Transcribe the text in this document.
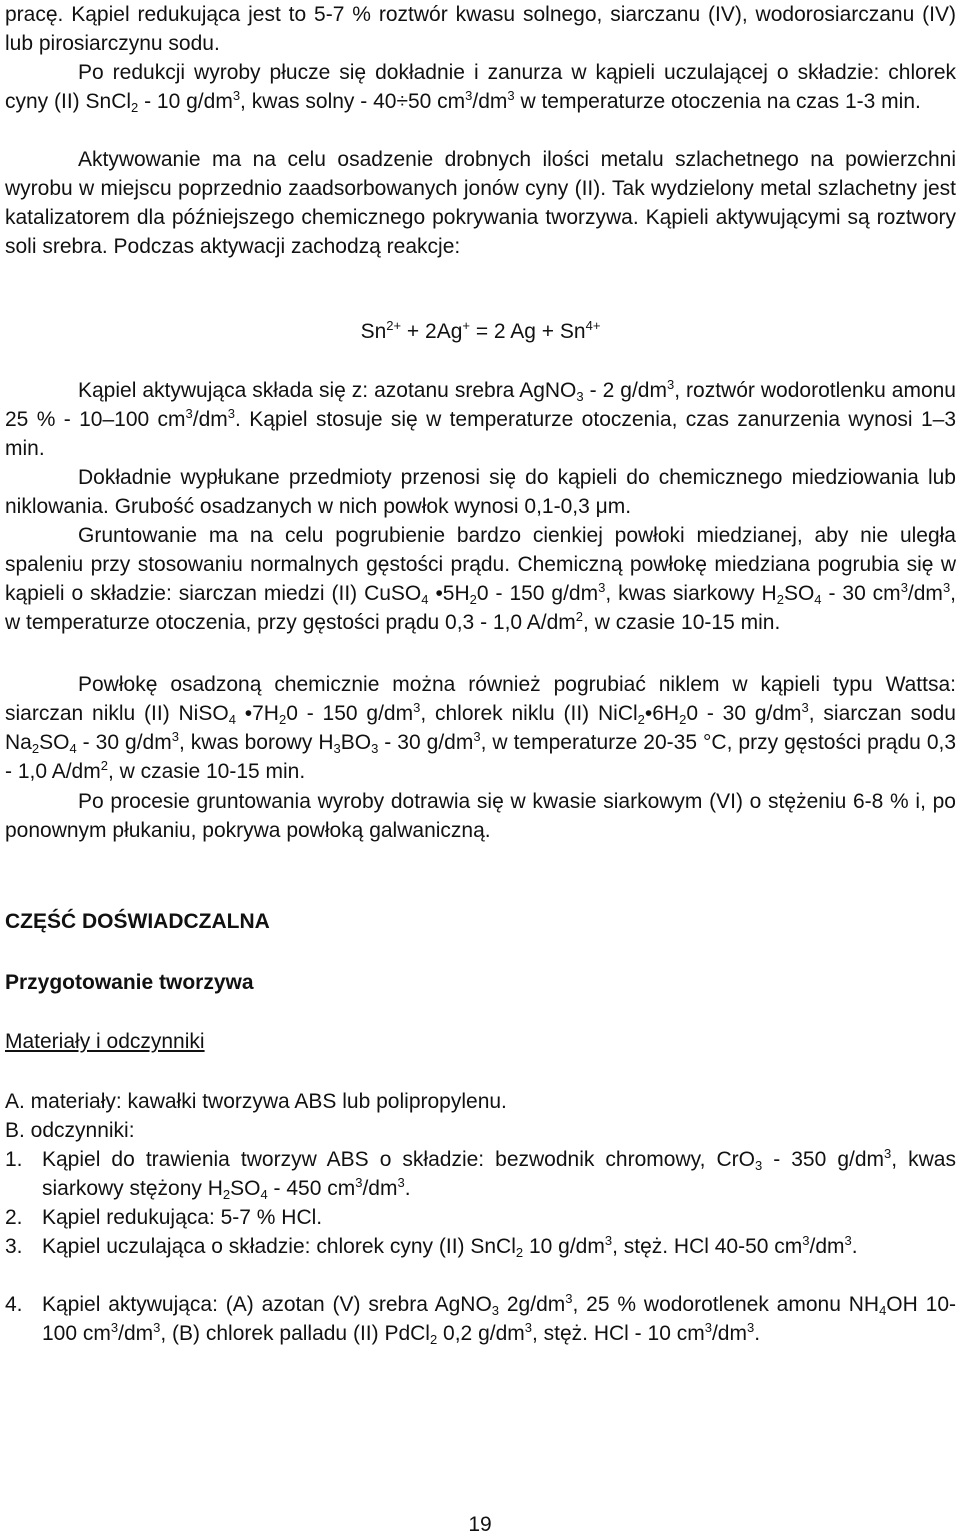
pracę. Kąpiel redukująca jest to 5-7 % roztwór kwasu solnego, siarczanu (IV), wodorosiarczanu (IV) lub pirosiarczynu sodu.

Po redukcji wyroby płucze się dokładnie i zanurza w kąpieli uczulającej o składzie: chlorek cyny (II) SnCl$_2$ - 10 $g/dm^3$, kwas solny - 40÷50 $cm^3/dm^3$ w temperaturze otoczenia na czas 1-3 min.

Aktywowanie ma na celu osadzenie drobnych ilości metalu szlachetnego na powierzchni wyrobu w miejscu poprzednio zaadsorbowanych jonów cyny (II). Tak wydzielony metal szlachetny jest katalizatorem dla późniejszego chemicznego pokrywania tworzywa. Kąpieli aktywującymi są roztwory soli srebra. Podczas aktywacji zachodzą reakcje:

$Sn^{2+} + 2Ag^+ = 2$ $Ag + Sn^{4+}$

Kąpiel aktywująca składa się z: azotanu srebra AgNO$_3$ - 2 $g/dm^3$, roztwór wodorotlenku amonu 25 % - 10–100 $cm^3/dm^3$. Kąpiel stosuje się w temperaturze otoczenia, czas zanurzenia wynosi 1–3 min.

Dokładnie wypłukane przedmioty przenosi się do kąpieli do chemicznego miedziowania lub niklowania. Grubość osadzanych w nich powłok wynosi 0,1-0,3 μm.

Gruntowanie ma na celu pogrubienie bardzo cienkiej powłoki miedzianej, aby nie uległa spaleniu przy stosowaniu normalnych gęstości prądu. Chemiczną powłokę miedziana pogrubia się w kąpieli o składzie: siarczan miedzi (II) CuSO$_4$ $•5H_20 - 150$ $g/dm^3$, kwas siarkowy $H_2SO_4 - 30$ $cm^3/dm^3$, w temperaturze otoczenia, przy gęstości prądu 0,3 - 1,0 $A/dm^2$, w czasie 10-15 min.

Powłokę osadzoną chemicznie można również pogrubiać niklem w kąpieli typu Wattsa: siarczan niklu (II) NiSO$_4$ $•7H_20 - 150$ $g/dm^3$, chlorek niklu (II) $NiCl_2•6H_20 - 30$ $g/dm^3$, siarczan sodu $Na_2SO_4 - 30$ $g/dm^3$, kwas borowy $H_3BO_3 - 30$ $g/dm^3$, w temperaturze 20-35 °C, przy gęstości prądu 0,3 - 1,0 $A/dm^2$, w czasie 10-15 min.

Po procesie gruntowania wyroby dotrawia się w kwasie siarkowym (VI) o stężeniu 6-8 % i, po ponownym płukaniu, pokrywa powłoką galwaniczną.

CZĘŚĆ DOŚWIADCZALNA
Przygotowanie tworzywa

Materiały i odczynniki

A. materiały: kawałki tworzywa ABS lub polipropylenu.

B. odczynniki:

1. Kąpiel do trawienia tworzyw ABS o składzie: bezwodnik chromowy, CrO$_3$ - 350 $g/dm^3$, kwas siarkowy stężony $H_2SO_4 - 450$ $cm^3/dm^3$.
2. Kąpiel redukująca: 5-7 % HCl.
3. Kąpiel uczulająca o składzie: chlorek cyny (II) SnCl$_2$ 10 $g/dm^3$, stęż. HCl 40-50 $cm^3/dm^3$.
4. Kąpiel aktywująca: (A) azotan (V) srebra AgNO$_3$ $2g/dm^3$, 25 % wodorotlenek amonu $NH_4OH$ 10-100 $cm^3/dm^3$, (B) chlorek palladu (II) PdCl$_2$ 0,2 $g/dm^3$, stęż. HCl - 10 $cm^3/dm^3$.
19
